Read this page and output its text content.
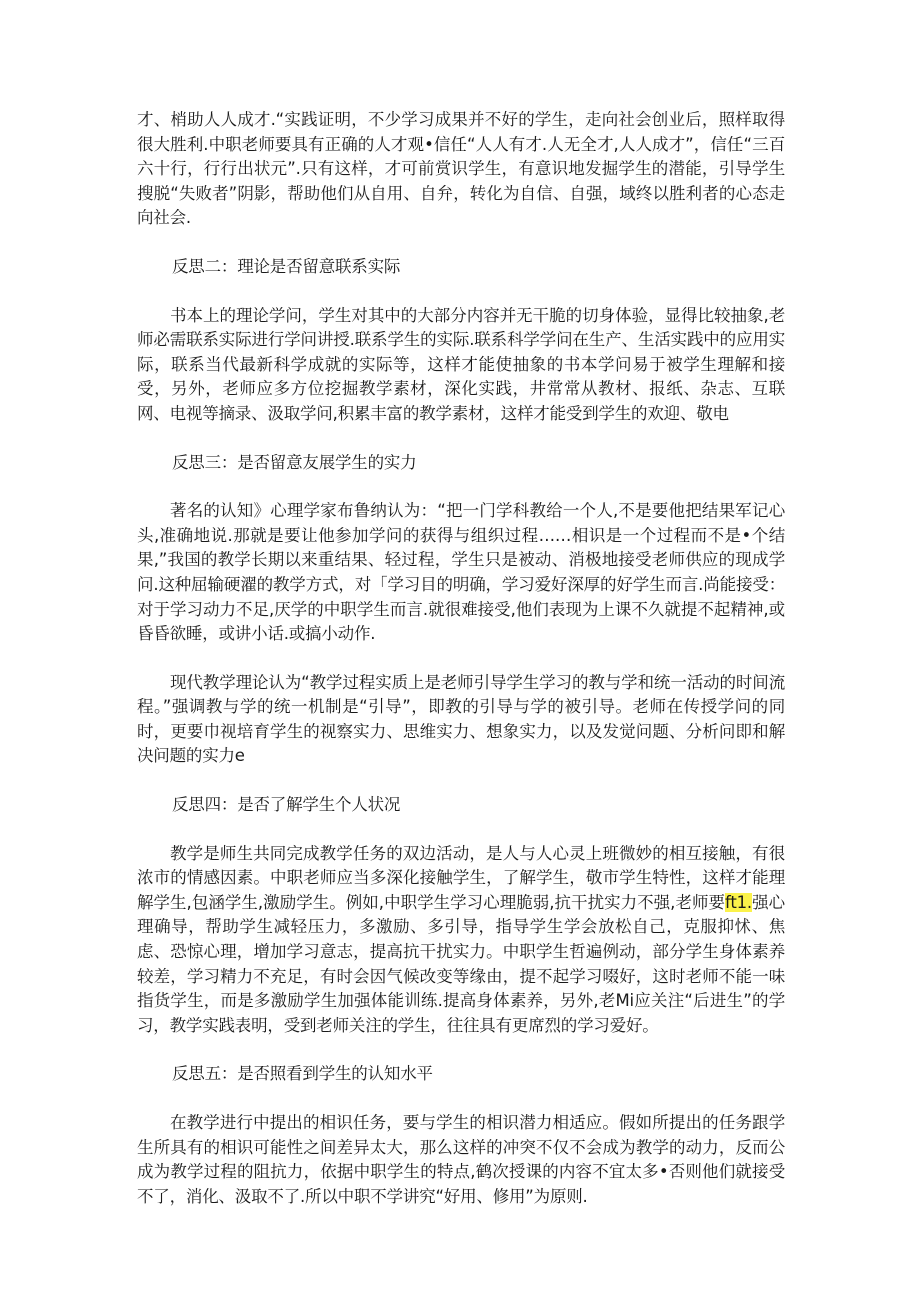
才、梢助人人成才.“实践证明，不少学习成果并不好的学生，走向社会创业后，照样取得很大胜利.中职老师要具有正确的人才观•信任“人人有才.人无全才,人人成才”，信任“三百六十行，行行出状元”.只有这样，才可前赏识学生，有意识地发掘学生的潜能，引导学生搜脱“失败者”阴影，帮助他们从自用、自弁，转化为自信、自强，域终以胜利者的心态走向社会.

反思二：理论是否留意联系实际

书本上的理论学问，学生对其中的大部分内容并无干脆的切身体验，显得比较抽象,老师必需联系实际进行学问讲授.联系学生的实际.联系科学学问在生产、生活实践中的应用实际，联系当代最新科学成就的实际等，这样才能使抽象的书本学问易于被学生理解和接受，另外，老师应多方位挖掘教学素材，深化实践，井常常从教材、报纸、杂志、互联网、电视等摘录、汲取学问,积累丰富的教学素材，这样才能受到学生的欢迎、敬电

反思三：是否留意友展学生的实力

著名的认知》心理学家布鲁纳认为：“把一门学科教给一个人,不是要他把结果军记心头,准确地说.那就是要让他参加学问的获得与组织过程……相识是一个过程而不是•个结果,”我国的教学长期以来重结果、轻过程，学生只是被动、消极地接受老师供应的现成学问.这种屈输硬濯的教学方式，对「学习目的明确，学习爱好深厚的好学生而言.尚能接受：对于学习动力不足,厌学的中职学生而言.就很难接受,他们表现为上课不久就提不起精神,或昏昏欲睡，或讲小话.或搞小动作.

现代教学理论认为“教学过程实质上是老师引导学生学习的教与学和统一活动的时间流程。”强调教与学的统一机制是“引导”，即教的引导与学的被引导。老师在传授学问的同时，更要巾视培育学生的视察实力、思维实力、想象实力，以及发觉问题、分析问即和解决问题的实力e

反思四：是否了解学生个人状况

教学是师生共同完成教学任务的双边活动，是人与人心灵上班微妙的相互接触，有很浓市的情感因素。中职老师应当多深化接触学生，了解学生，敬市学生特性，这样才能理解学生,包涵学生,激励学生。例如,中职学生学习心理脆弱,抗干扰实力不强,老师要ft1.强心理确导，帮助学生减轻压力，多激励、多引导，指导学生学会放松自己，克服抑怵、焦虑、恐惊心理，增加学习意志，提高抗干扰实力。中职学生哲遍例动，部分学生身体素养较差，学习精力不充足，有时会因气候改变等缘由，提不起学习啜好，这时老师不能一味指货学生，而是多激励学生加强体能训练.提高身体素养，另外,老Mi应关注“后进生”的学习，教学实践表明，受到老师关注的学生，往往具有更席烈的学习爱好。

反思五：是否照看到学生的认知水平

在教学进行中提出的相识任务，要与学生的相识潜力相适应。假如所提出的任务跟学生所具有的相识可能性之间差异太大，那么这样的冲突不仅不会成为教学的动力，反而公成为教学过程的阻抗力，依据中职学生的特点,鹤次授课的内容不宜太多•否则他们就接受不了，消化、汲取不了.所以中职不学讲究“好用、修用”为原则.
